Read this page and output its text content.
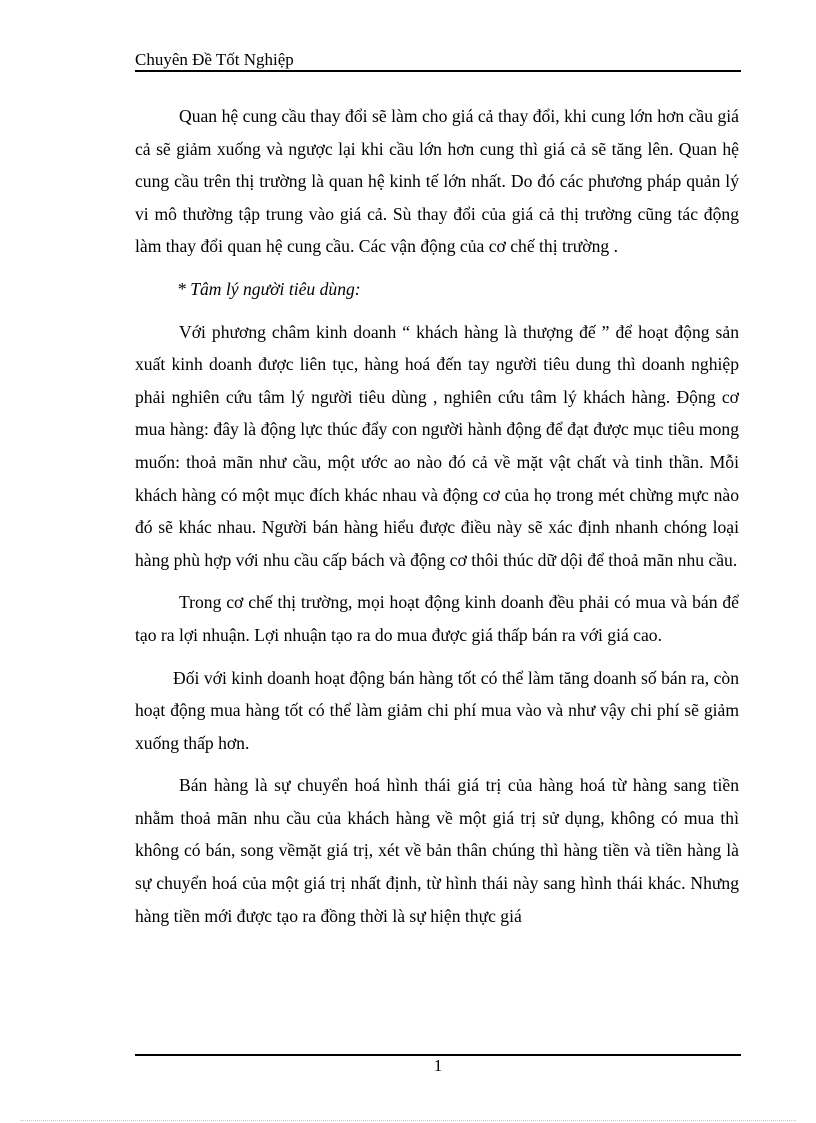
Chuyên Đề Tốt Nghiệp

Quan hệ cung cầu thay đổi sẽ làm cho giá cả thay đổi, khi cung lớn hơn cầu giá cả sẽ giảm xuống và ngược lại khi cầu lớn hơn cung thì giá cả sẽ tăng lên. Quan hệ cung cầu trên thị trường là quan hệ kinh tế lớn nhất. Do đó các phương pháp quản lý vi mô thường tập trung vào giá cả. Sù thay đổi của giá cả thị trường cũng tác động làm thay đổi quan hệ cung cầu. Các vận động của cơ chế thị trường .

* Tâm lý người tiêu dùng:

Với phương châm kinh doanh “ khách hàng là thượng đế ” để hoạt động sản xuất kinh doanh được liên tục, hàng hoá đến tay người tiêu dung thì doanh nghiệp phải nghiên cứu tâm lý người tiêu dùng , nghiên cứu tâm lý khách hàng. Động cơ mua hàng: đây là động lực thúc đẩy con người hành động để đạt được mục tiêu mong muốn: thoả mãn như cầu, một ước ao nào đó cả về mặt vật chất và tinh thần. Mỗi khách hàng có một mục đích khác nhau và động cơ của họ trong mét chừng mực nào đó sẽ khác nhau. Người bán hàng hiểu được điều này sẽ xác định nhanh chóng loại hàng phù hợp với nhu cầu cấp bách và động cơ thôi thúc dữ dội để thoả mãn nhu cầu.

Trong cơ chế thị trường, mọi hoạt động kinh doanh đều phải có mua và bán để tạo ra lợi nhuận. Lợi nhuận tạo ra do mua được giá thấp bán ra với giá cao.

Đối với kinh doanh hoạt động bán hàng tốt có thể làm tăng doanh số bán ra, còn hoạt động mua hàng tốt có thể làm giảm chi phí mua vào và như vậy chi phí sẽ giảm xuống thấp hơn.

Bán hàng là sự chuyển hoá hình thái giá trị của hàng hoá từ hàng sang tiền nhằm thoả mãn nhu cầu của khách hàng về một giá trị sử dụng, không có mua thì không có bán, song vềmặt giá trị, xét về bản thân chúng thì hàng tiền và tiền hàng là sự chuyển hoá của một giá trị nhất định, từ hình thái này sang hình thái khác. Nhưng hàng tiền mới được tạo ra đồng thời là sự hiện thực giá

1
